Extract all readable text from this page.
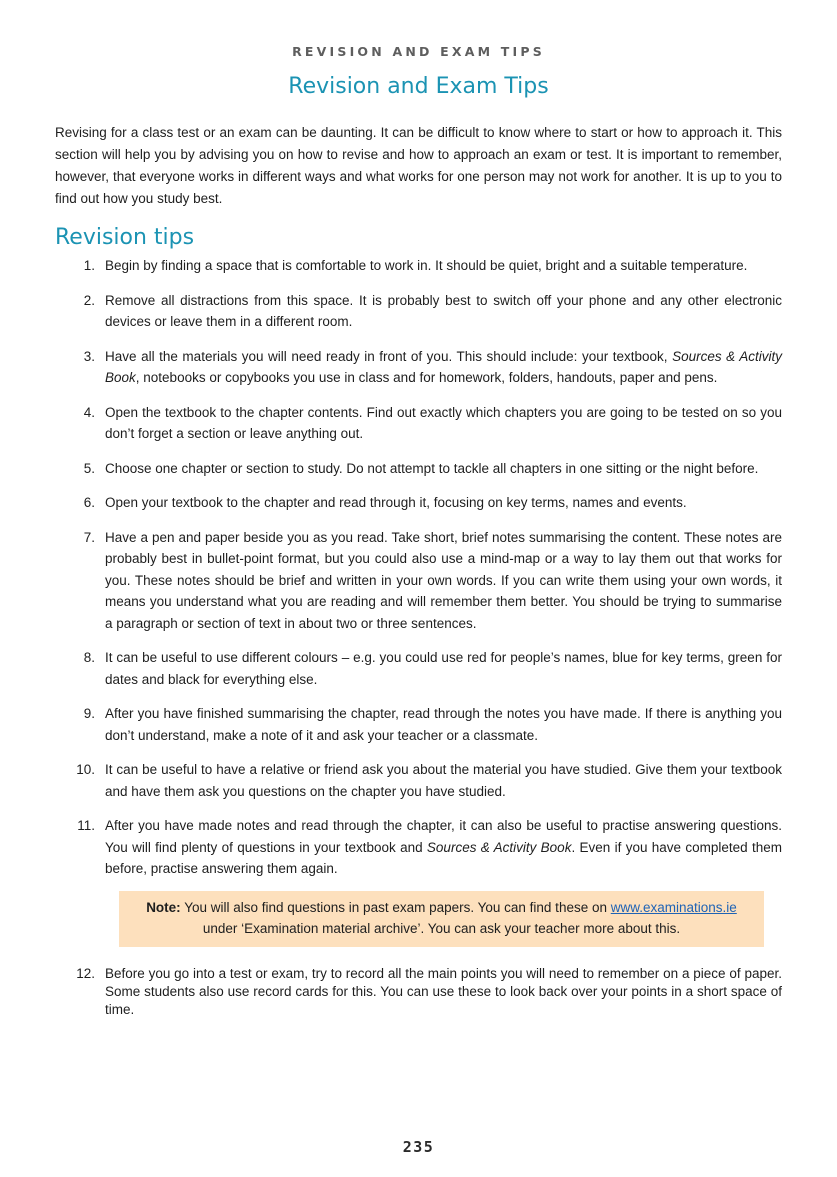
REVISION AND EXAM TIPS
Revision and Exam Tips

Revising for a class test or an exam can be daunting. It can be difficult to know where to start or how to approach it. This section will help you by advising you on how to revise and how to approach an exam or test. It is important to remember, however, that everyone works in different ways and what works for one person may not work for another. It is up to you to find out how you study best.

Revision tips
1. Begin by finding a space that is comfortable to work in. It should be quiet, bright and a suitable temperature.
2. Remove all distractions from this space. It is probably best to switch off your phone and any other electronic devices or leave them in a different room.
3. Have all the materials you will need ready in front of you. This should include: your textbook, Sources & Activity Book, notebooks or copybooks you use in class and for homework, folders, handouts, paper and pens.
4. Open the textbook to the chapter contents. Find out exactly which chapters you are going to be tested on so you don’t forget a section or leave anything out.
5. Choose one chapter or section to study. Do not attempt to tackle all chapters in one sitting or the night before.
6. Open your textbook to the chapter and read through it, focusing on key terms, names and events.
7. Have a pen and paper beside you as you read. Take short, brief notes summarising the content. These notes are probably best in bullet-point format, but you could also use a mind-map or a way to lay them out that works for you. These notes should be brief and written in your own words. If you can write them using your own words, it means you understand what you are reading and will remember them better. You should be trying to summarise a paragraph or section of text in about two or three sentences.
8. It can be useful to use different colours – e.g. you could use red for people’s names, blue for key terms, green for dates and black for everything else.
9. After you have finished summarising the chapter, read through the notes you have made. If there is anything you don’t understand, make a note of it and ask your teacher or a classmate.
10. It can be useful to have a relative or friend ask you about the material you have studied. Give them your textbook and have them ask you questions on the chapter you have studied.
11. After you have made notes and read through the chapter, it can also be useful to practise answering questions. You will find plenty of questions in your textbook and Sources & Activity Book. Even if you have completed them before, practise answering them again.
Note: You will also find questions in past exam papers. You can find these on www.examinations.ie
under ‘Examination material archive’. You can ask your teacher more about this.
12. Before you go into a test or exam, try to record all the main points you will need to remember on a piece of paper. Some students also use record cards for this. You can use these to look back over your points in a short space of time.
235
